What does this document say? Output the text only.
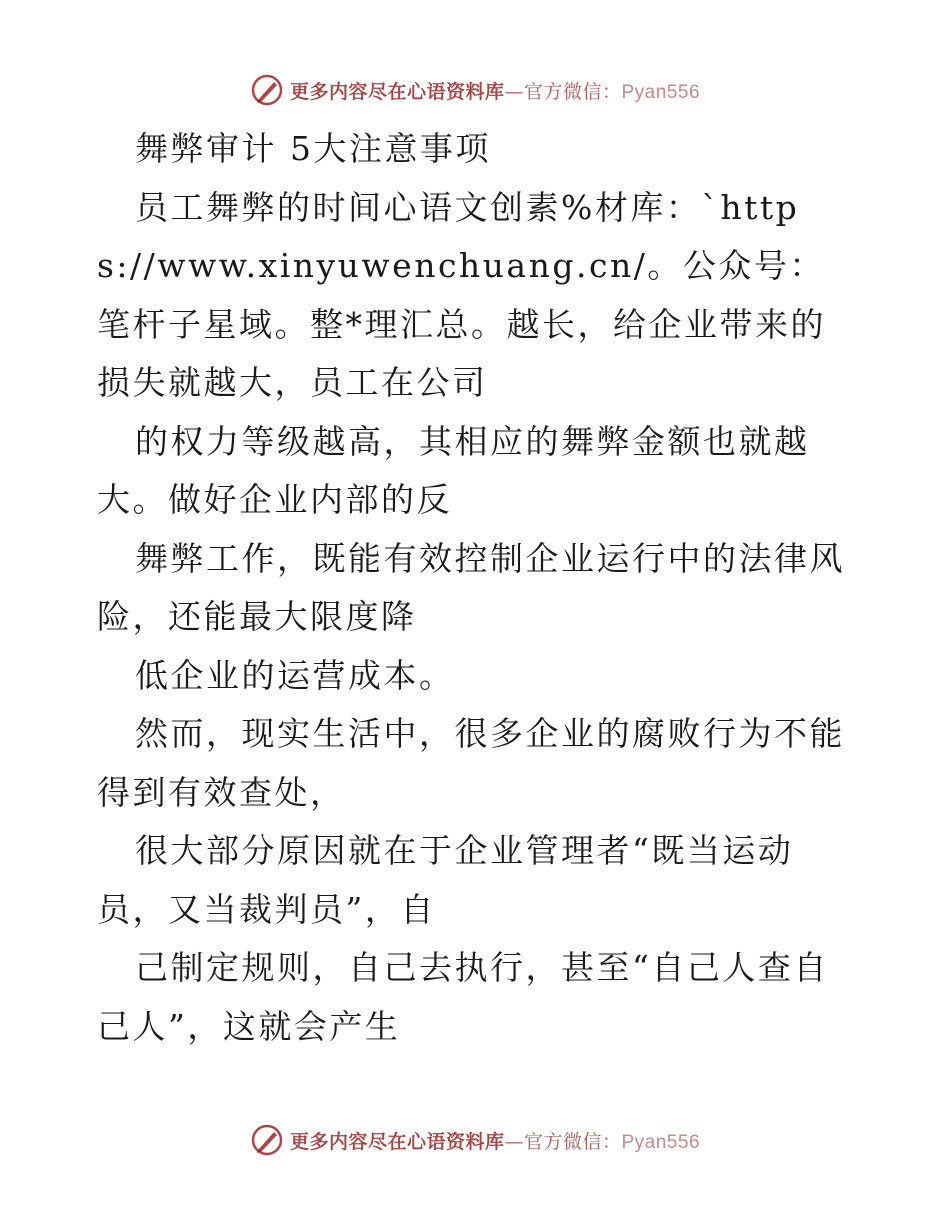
更多内容尽在心语资料库—官方微信：Pyan556

舞弊审计 5大注意事项

员工舞弊的时间心语文创素%材库：`https://www.xinyuwenchuang.cn/。公众号：笔杆子星域。整*理汇总。越长，给企业带来的损失就越大，员工在公司

的权力等级越高，其相应的舞弊金额也就越大。做好企业内部的反

舞弊工作，既能有效控制企业运行中的法律风险，还能最大限度降

低企业的运营成本。

然而，现实生活中，很多企业的腐败行为不能得到有效查处，

很大部分原因就在于企业管理者“既当运动员，又当裁判员”，自

己制定规则，自己去执行，甚至“自己人查自己人”，这就会产生

更多内容尽在心语资料库—官方微信：Pyan556
